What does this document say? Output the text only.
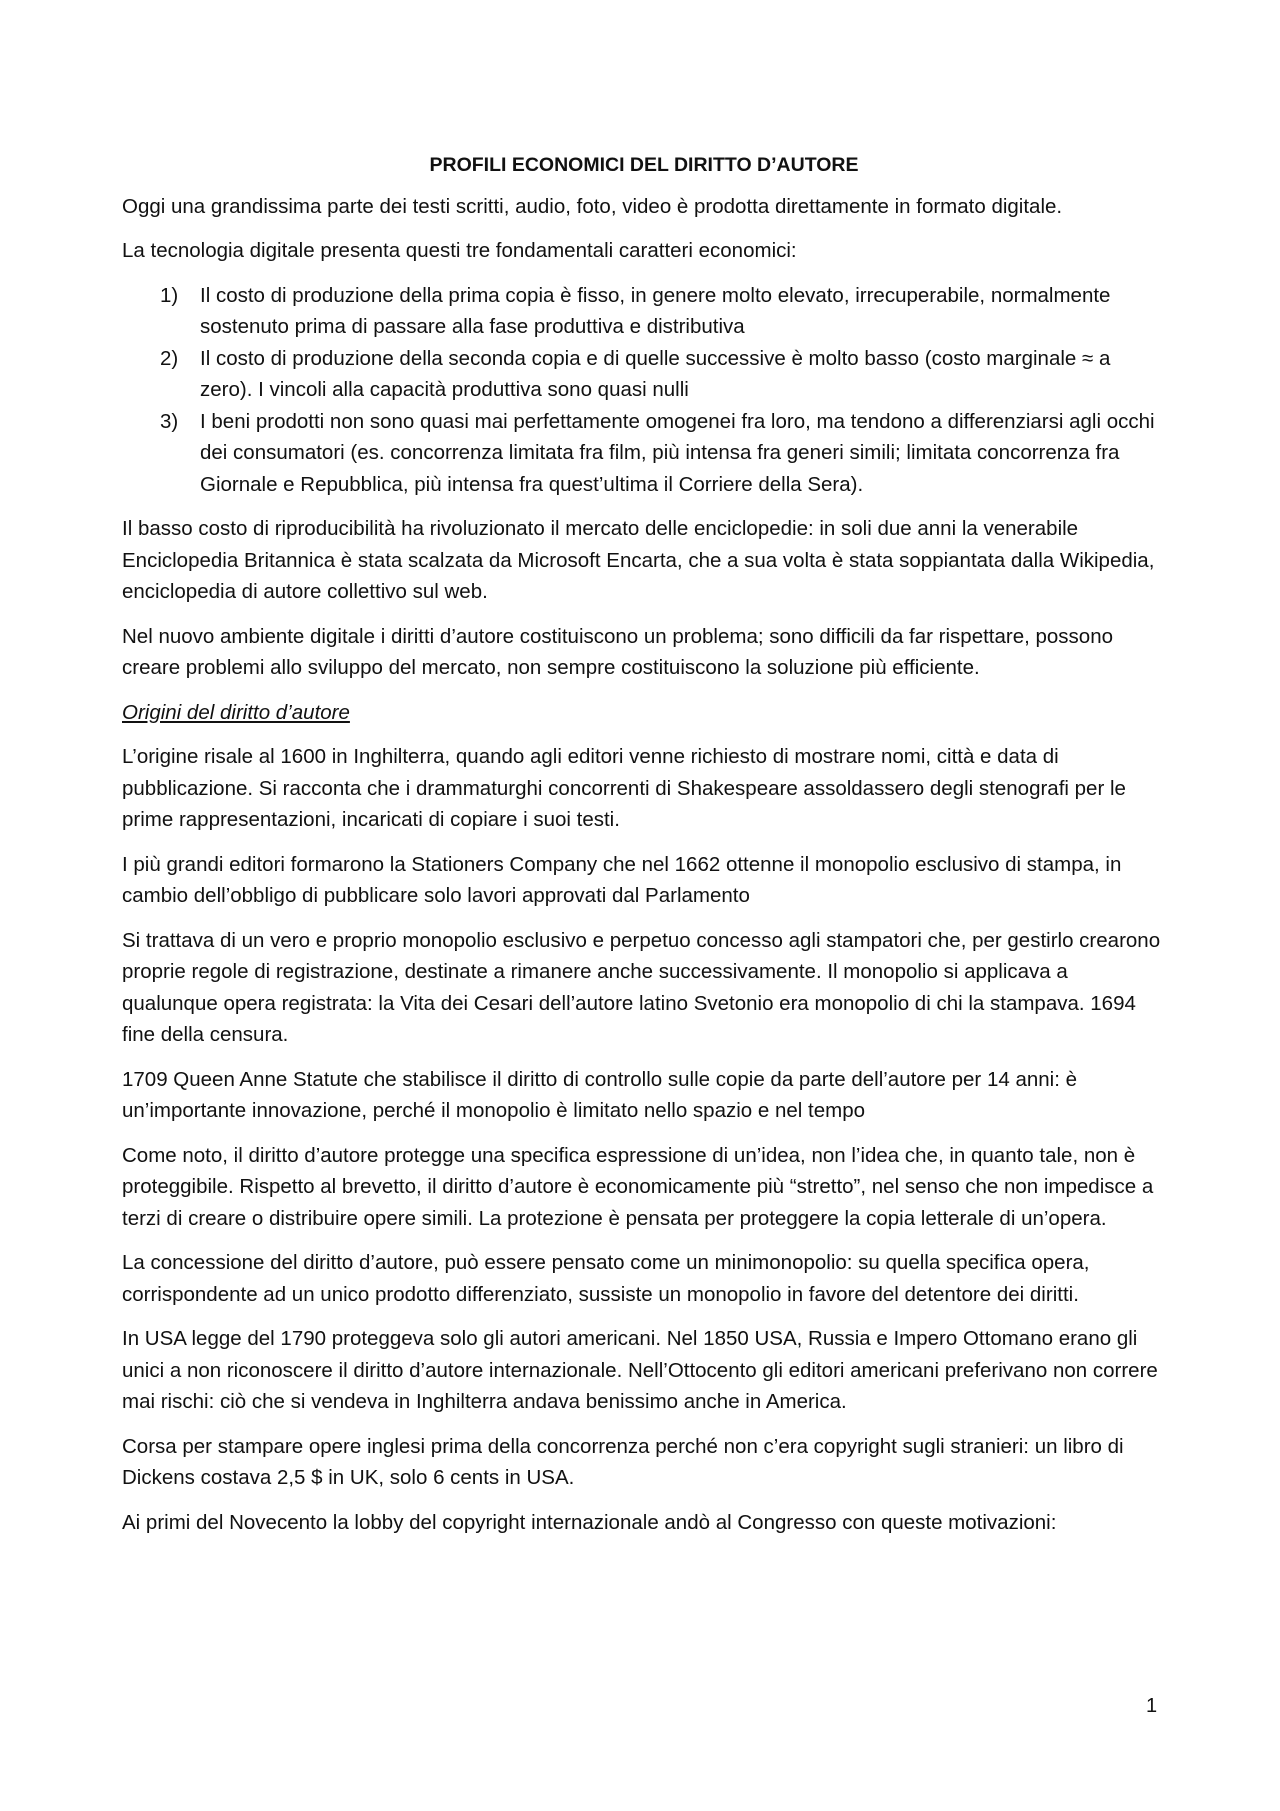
PROFILI ECONOMICI DEL DIRITTO D’AUTORE

Oggi una grandissima parte dei testi scritti, audio, foto, video è prodotta direttamente in formato digitale.

La tecnologia digitale presenta questi tre fondamentali caratteri economici:

1) Il costo di produzione della prima copia è fisso, in genere molto elevato, irrecuperabile, normalmente sostenuto prima di passare alla fase produttiva e distributiva
2) Il costo di produzione della seconda copia e di quelle successive è molto basso (costo marginale ≈ a zero). I vincoli alla capacità produttiva sono quasi nulli
3) I beni prodotti non sono quasi mai perfettamente omogenei fra loro, ma tendono a differenziarsi agli occhi dei consumatori (es. concorrenza limitata fra film, più intensa fra generi simili; limitata concorrenza fra Giornale e Repubblica, più intensa fra quest’ultima il Corriere della Sera).

Il basso costo di riproducibilità ha rivoluzionato il mercato delle enciclopedie: in soli due anni la venerabile Enciclopedia Britannica è stata scalzata da Microsoft Encarta, che a sua volta è stata soppiantata dalla Wikipedia, enciclopedia di autore collettivo sul web.

Nel nuovo ambiente digitale i diritti d’autore costituiscono un problema; sono difficili da far rispettare, possono creare problemi allo sviluppo del mercato, non sempre costituiscono la soluzione più efficiente.

Origini del diritto d’autore

L’origine risale al 1600 in Inghilterra, quando agli editori venne richiesto di mostrare nomi, città e data di pubblicazione. Si racconta che i drammaturghi concorrenti di Shakespeare assoldassero degli stenografi per le prime rappresentazioni, incaricati di copiare i suoi testi.

I più grandi editori formarono la Stationers Company che nel 1662 ottenne il monopolio esclusivo di stampa, in cambio dell’obbligo di pubblicare solo lavori approvati dal Parlamento

Si trattava di un vero e proprio monopolio esclusivo e perpetuo concesso agli stampatori che, per gestirlo crearono proprie regole di registrazione, destinate a rimanere anche successivamente. Il monopolio si applicava a qualunque opera registrata: la Vita dei Cesari dell’autore latino Svetonio era monopolio di chi la stampava. 1694 fine della censura.

1709 Queen Anne Statute che stabilisce il diritto di controllo sulle copie da parte dell’autore per 14 anni: è un’importante innovazione, perché il monopolio è limitato nello spazio e nel tempo

Come noto, il diritto d’autore protegge una specifica espressione di un’idea, non l’idea che, in quanto tale, non è proteggibile. Rispetto al brevetto, il diritto d’autore è economicamente più “stretto”, nel senso che non impedisce a terzi di creare o distribuire opere simili. La protezione è pensata per proteggere la copia letterale di un’opera.

La concessione del diritto d’autore, può essere pensato come un minimonopolio: su quella specifica opera, corrispondente ad un unico prodotto differenziato, sussiste un monopolio in favore del detentore dei diritti.

In USA legge del 1790 proteggeva solo gli autori americani. Nel 1850 USA, Russia e Impero Ottomano erano gli unici a non riconoscere il diritto d’autore internazionale. Nell’Ottocento gli editori americani preferivano non correre mai rischi: ciò che si vendeva in Inghilterra andava benissimo anche in America.

Corsa per stampare opere inglesi prima della concorrenza perché non c’era copyright sugli stranieri: un libro di Dickens costava 2,5 $ in UK, solo 6 cents in USA.

Ai primi del Novecento la lobby del copyright internazionale andò al Congresso con queste motivazioni:

1
